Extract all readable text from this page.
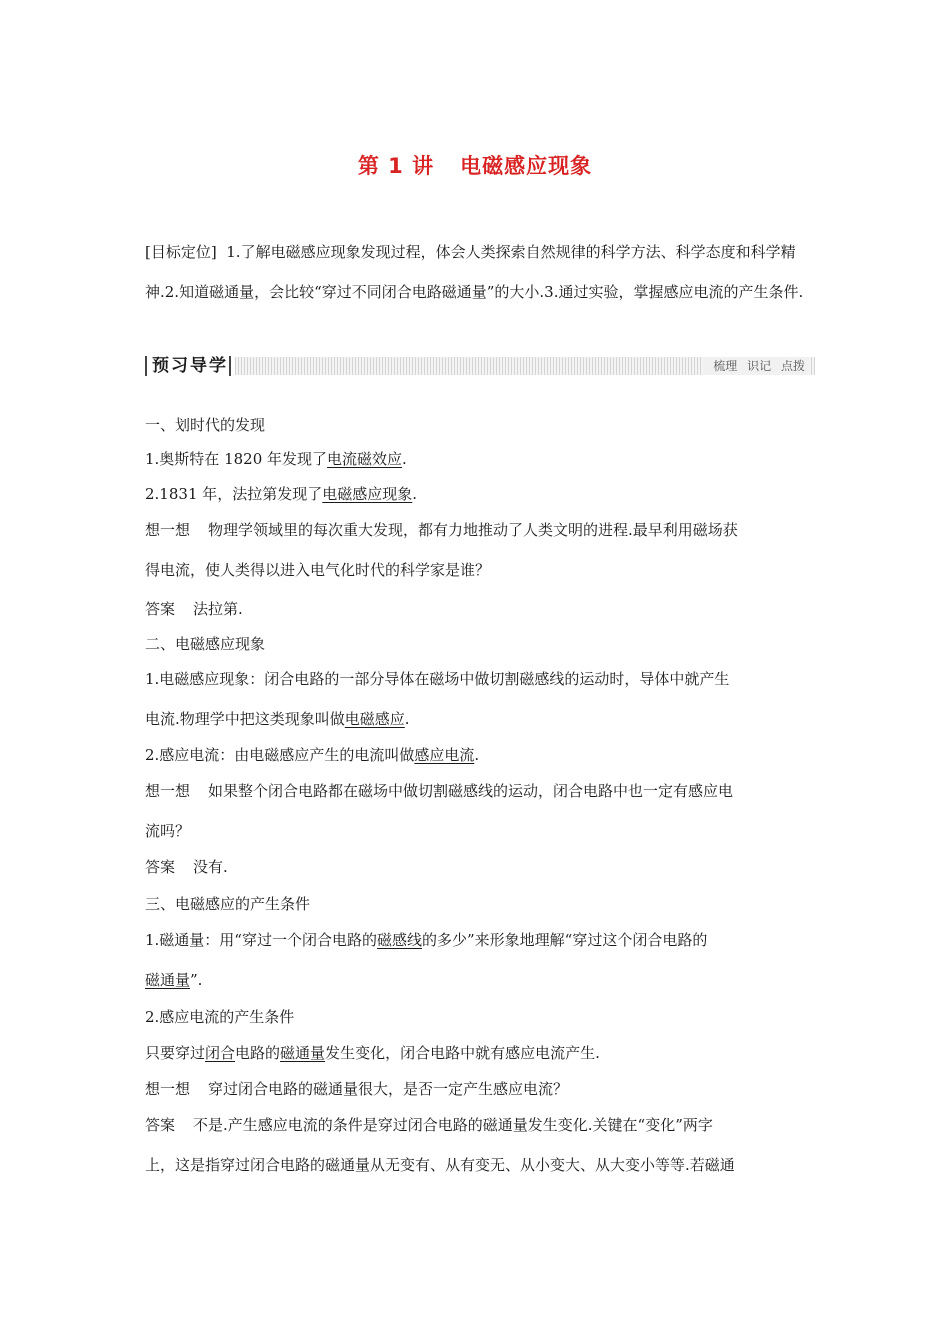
第 1 讲 电磁感应现象

[目标定位] 1.了解电磁感应现象发现过程，体会人类探索自然规律的科学方法、科学态度和科学精神.2.知道磁通量，会比较“穿过不同闭合电路磁通量”的大小.3.通过实验，掌握感应电流的产生条件.

预习导学	梳理 识记 点拨
一、划时代的发现
1.奥斯特在 1820 年发现了电流磁效应.
2.1831 年，法拉第发现了电磁感应现象.
想一想 物理学领域里的每次重大发现，都有力地推动了人类文明的进程.最早利用磁场获
得电流，使人类得以进入电气化时代的科学家是谁？
答案 法拉第.
二、电磁感应现象
1.电磁感应现象：闭合电路的一部分导体在磁场中做切割磁感线的运动时，导体中就产生
电流.物理学中把这类现象叫做电磁感应.
2.感应电流：由电磁感应产生的电流叫做感应电流.
想一想 如果整个闭合电路都在磁场中做切割磁感线的运动，闭合电路中也一定有感应电
流吗？
答案 没有.
三、电磁感应的产生条件
1.磁通量：用“穿过一个闭合电路的磁感线的多少”来形象地理解“穿过这个闭合电路的
磁通量”.
2.感应电流的产生条件
只要穿过闭合电路的磁通量发生变化，闭合电路中就有感应电流产生.
想一想 穿过闭合电路的磁通量很大，是否一定产生感应电流？
答案 不是.产生感应电流的条件是穿过闭合电路的磁通量发生变化.关键在“变化”两字
上，这是指穿过闭合电路的磁通量从无变有、从有变无、从小变大、从大变小等等.若磁通
